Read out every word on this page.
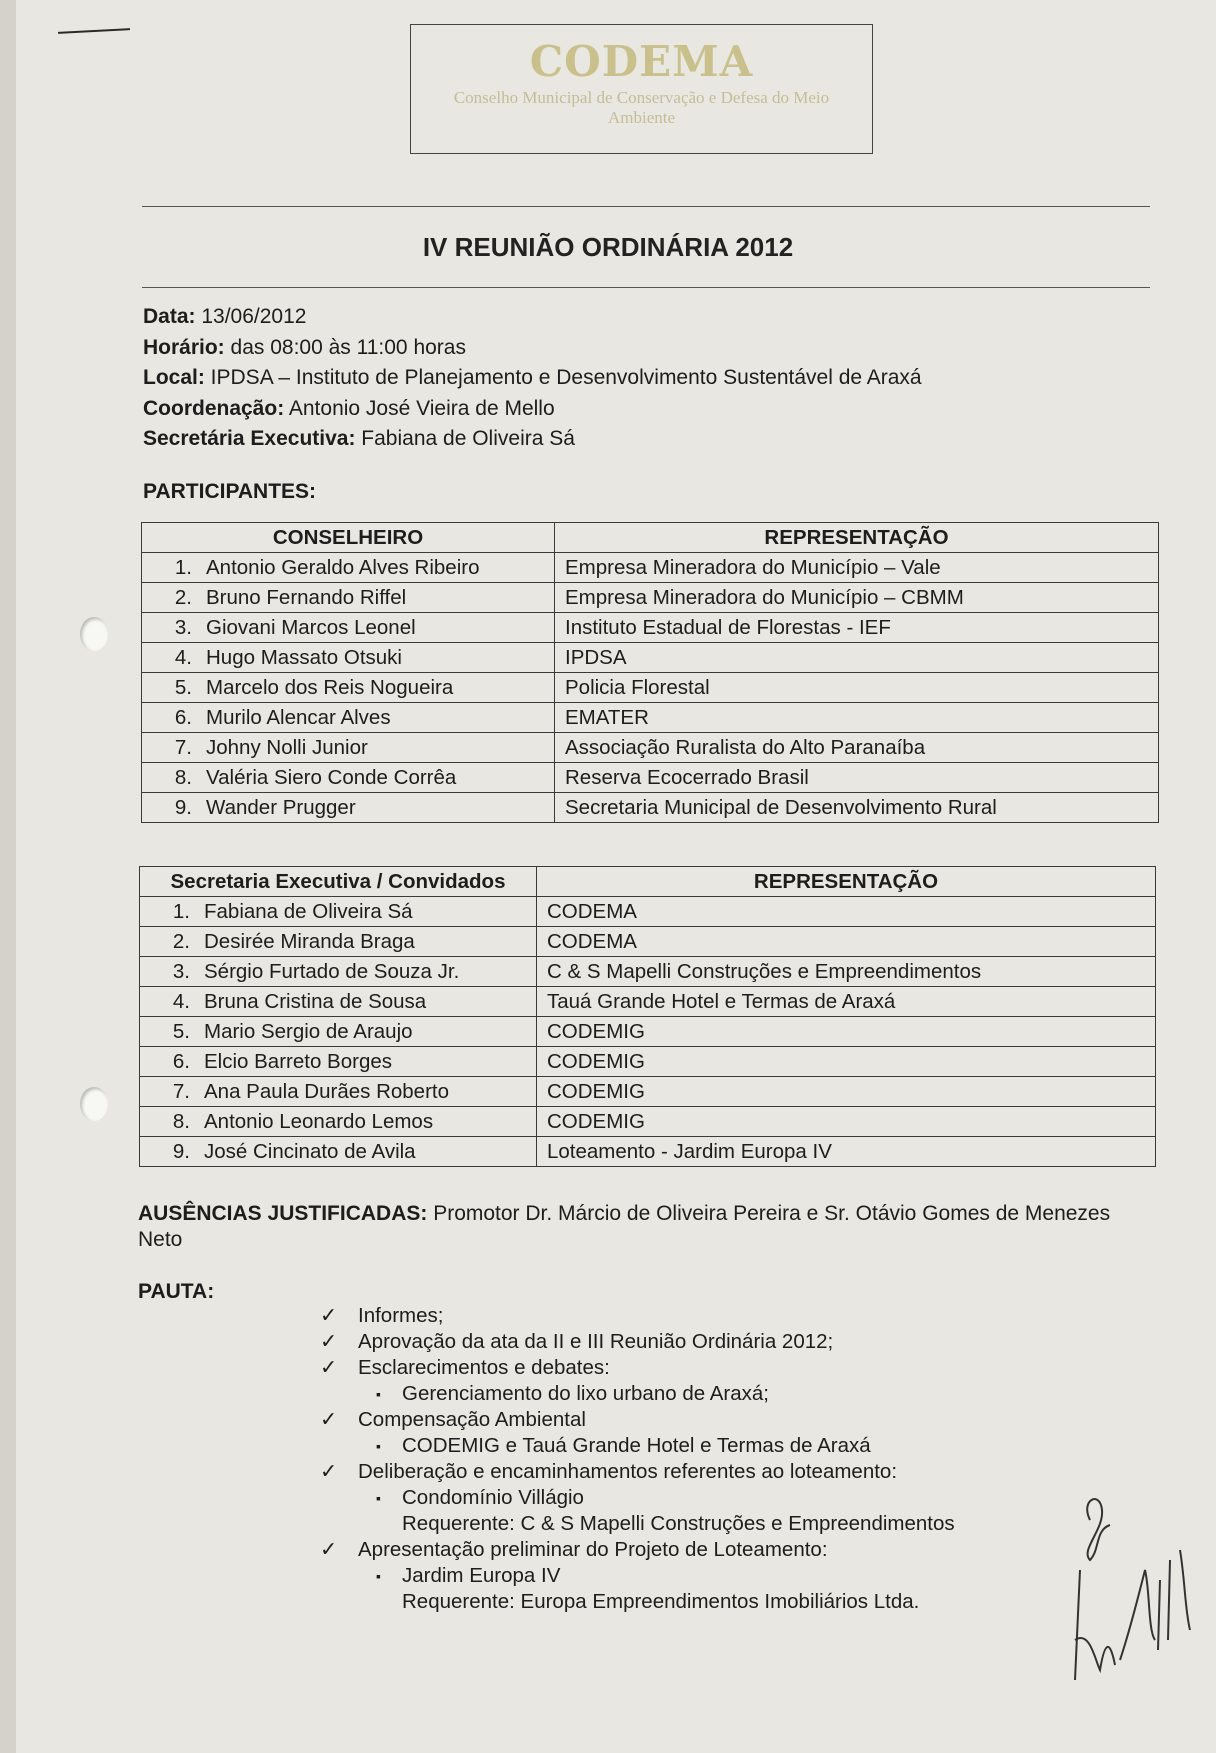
CODEMA
Conselho Municipal de Conservação e Defesa do Meio Ambiente
IV REUNIÃO ORDINÁRIA 2012
Data: 13/06/2012
Horário: das 08:00 às 11:00 horas
Local: IPDSA – Instituto de Planejamento e Desenvolvimento Sustentável de Araxá
Coordenação: Antonio José Vieira de Mello
Secretária Executiva: Fabiana de Oliveira Sá
PARTICIPANTES:
CONSELHEIRO	REPRESENTAÇÃO
1. Antonio Geraldo Alves Ribeiro	Empresa Mineradora do Município – Vale
2. Bruno Fernando Riffel	Empresa Mineradora do Município – CBMM
3. Giovani Marcos Leonel	Instituto Estadual de Florestas - IEF
4. Hugo Massato Otsuki	IPDSA
5. Marcelo dos Reis Nogueira	Policia Florestal
6. Murilo Alencar Alves	EMATER
7. Johny Nolli Junior	Associação Ruralista do Alto Paranaíba
8. Valéria Siero Conde Corrêa	Reserva Ecocerrado Brasil
9. Wander Prugger	Secretaria Municipal de Desenvolvimento Rural
Secretaria Executiva / Convidados	REPRESENTAÇÃO
1. Fabiana de Oliveira Sá	CODEMA
2. Desirée Miranda Braga	CODEMA
3. Sérgio Furtado de Souza Jr.	C & S Mapelli Construções e Empreendimentos
4. Bruna Cristina de Sousa	Tauá Grande Hotel e Termas de Araxá
5. Mario Sergio de Araujo	CODEMIG
6. Elcio Barreto Borges	CODEMIG
7. Ana Paula Durães Roberto	CODEMIG
8. Antonio Leonardo Lemos	CODEMIG
9. José Cincinato de Avila	Loteamento - Jardim Europa IV
AUSÊNCIAS JUSTIFICADAS: Promotor Dr. Márcio de Oliveira Pereira e Sr. Otávio Gomes de Menezes Neto
PAUTA:
✓ Informes;
✓ Aprovação da ata da II e III Reunião Ordinária 2012;
✓ Esclarecimentos e debates:
▪ Gerenciamento do lixo urbano de Araxá;
✓ Compensação Ambiental
▪ CODEMIG e Tauá Grande Hotel e Termas de Araxá
✓ Deliberação e encaminhamentos referentes ao loteamento:
▪ Condomínio Villágio
Requerente: C & S Mapelli Construções e Empreendimentos
✓ Apresentação preliminar do Projeto de Loteamento:
▪ Jardim Europa IV
Requerente: Europa Empreendimentos Imobiliários Ltda.
